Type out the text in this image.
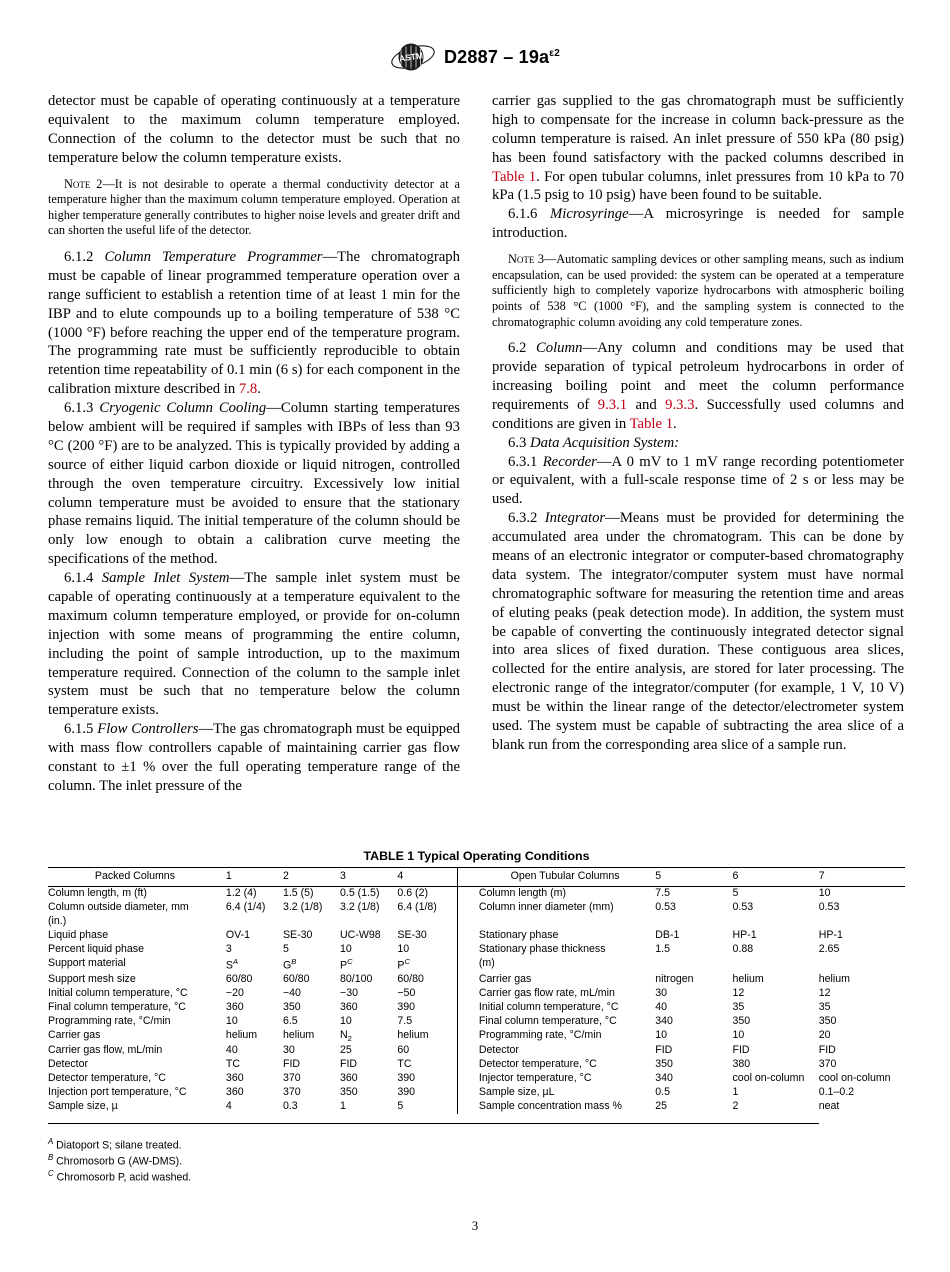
ASTM $D2887 - 19a^{\varepsilon 2}$

detector must be capable of operating continuously at a temperature equivalent to the maximum column temperature employed. Connection of the column to the detector must be such that no temperature below the column temperature exists.

Note 2—It is not desirable to operate a thermal conductivity detector at a temperature higher than the maximum column temperature employed. Operation at higher temperature generally contributes to higher noise levels and greater drift and can shorten the useful life of the detector.

6.1.2 Column Temperature Programmer—The chromatograph must be capable of linear programmed temperature operation over a range sufficient to establish a retention time of at least 1 min for the IBP and to elute compounds up to a boiling temperature of 538 °C (1000 °F) before reaching the upper end of the temperature program. The programming rate must be sufficiently reproducible to obtain retention time repeatability of 0.1 min (6 s) for each component in the calibration mixture described in 7.8.

6.1.3 Cryogenic Column Cooling—Column starting temperatures below ambient will be required if samples with IBPs of less than 93 °C (200 °F) are to be analyzed. This is typically provided by adding a source of either liquid carbon dioxide or liquid nitrogen, controlled through the oven temperature circuitry. Excessively low initial column temperature must be avoided to ensure that the stationary phase remains liquid. The initial temperature of the column should be only low enough to obtain a calibration curve meeting the specifications of the method.

6.1.4 Sample Inlet System—The sample inlet system must be capable of operating continuously at a temperature equivalent to the maximum column temperature employed, or provide for on-column injection with some means of programming the entire column, including the point of sample introduction, up to the maximum temperature required. Connection of the column to the sample inlet system must be such that no temperature below the column temperature exists.

6.1.5 Flow Controllers—The gas chromatograph must be equipped with mass flow controllers capable of maintaining carrier gas flow constant to ±1 % over the full operating temperature range of the column. The inlet pressure of the

carrier gas supplied to the gas chromatograph must be sufficiently high to compensate for the increase in column back-pressure as the column temperature is raised. An inlet pressure of 550 kPa (80 psig) has been found satisfactory with the packed columns described in Table 1. For open tubular columns, inlet pressures from 10 kPa to 70 kPa (1.5 psig to 10 psig) have been found to be suitable.

6.1.6 Microsyringe—A microsyringe is needed for sample introduction.

Note 3—Automatic sampling devices or other sampling means, such as indium encapsulation, can be used provided: the system can be operated at a temperature sufficiently high to completely vaporize hydrocarbons with atmospheric boiling points of 538 °C (1000 °F), and the sampling system is connected to the chromatographic column avoiding any cold temperature zones.

6.2 Column—Any column and conditions may be used that provide separation of typical petroleum hydrocarbons in order of increasing boiling point and meet the column performance requirements of 9.3.1 and 9.3.3. Successfully used columns and conditions are given in Table 1.

6.3 Data Acquisition System:

6.3.1 Recorder—A 0 mV to 1 mV range recording potentiometer or equivalent, with a full-scale response time of 2 s or less may be used.

6.3.2 Integrator—Means must be provided for determining the accumulated area under the chromatogram. This can be done by means of an electronic integrator or computer-based chromatography data system. The integrator/computer system must have normal chromatographic software for measuring the retention time and areas of eluting peaks (peak detection mode). In addition, the system must be capable of converting the continuously integrated detector signal into area slices of fixed duration. These contiguous area slices, collected for the entire analysis, are stored for later processing. The electronic range of the integrator/computer (for example, 1 V, 10 V) must be within the linear range of the detector/electrometer system used. The system must be capable of subtracting the area slice of a blank run from the corresponding area slice of a sample run.

TABLE 1 Typical Operating Conditions
Packed Columns	1	2	3	4		Open Tubular Columns	5	6	7
Column length, m (ft)	1.2 (4)	1.5 (5)	0.5 (1.5)	0.6 (2)		Column length (m)	7.5	5	10
Column outside diameter, mm	6.4 (1/4)	3.2 (1/8)	3.2 (1/8)	6.4 (1/8)		Column inner diameter (mm)	0.53	0.53	0.53
(in.)									
Liquid phase	OV-1	SE-30	UC-W98	SE-30		Stationary phase	DB-1	HP-1	HP-1
Percent liquid phase	3	5	10	10		Stationary phase thickness	1.5	0.88	2.65
Support material	$S^A$	$G^B$	$P^C$	$P^C$		(m)			
Support mesh size	60/80	60/80	80/100	60/80		Carrier gas	nitrogen	helium	helium
Initial column temperature, °C	−20	−40	−30	−50		Carrier gas flow rate, mL/min	30	12	12
Final column temperature, °C	360	350	360	390		Initial column temperature, °C	40	35	35
Programming rate, °C/min	10	6.5	10	7.5		Final column temperature, °C	340	350	350
Carrier gas	helium	helium	$N_2$	helium		Programming rate, °C/min	10	10	20
Carrier gas flow, mL/min	40	30	25	60		Detector	FID	FID	FID
Detector	TC	FID	FID	TC		Detector temperature, °C	350	380	370
Detector temperature, °C	360	370	360	390		Injector temperature, °C	340	cool on-column	cool on-column
Injection port temperature, °C	360	370	350	390		Sample size, µL	0.5	1	0.1–0.2
Sample size, µ	4	0.3	1	5		Sample concentration mass %	25	2	neat

$^A$ Diatoport S; silane treated.
$^B$ Chromosorb G (AW-DMS).
$^C$ Chromosorb P, acid washed.
3
